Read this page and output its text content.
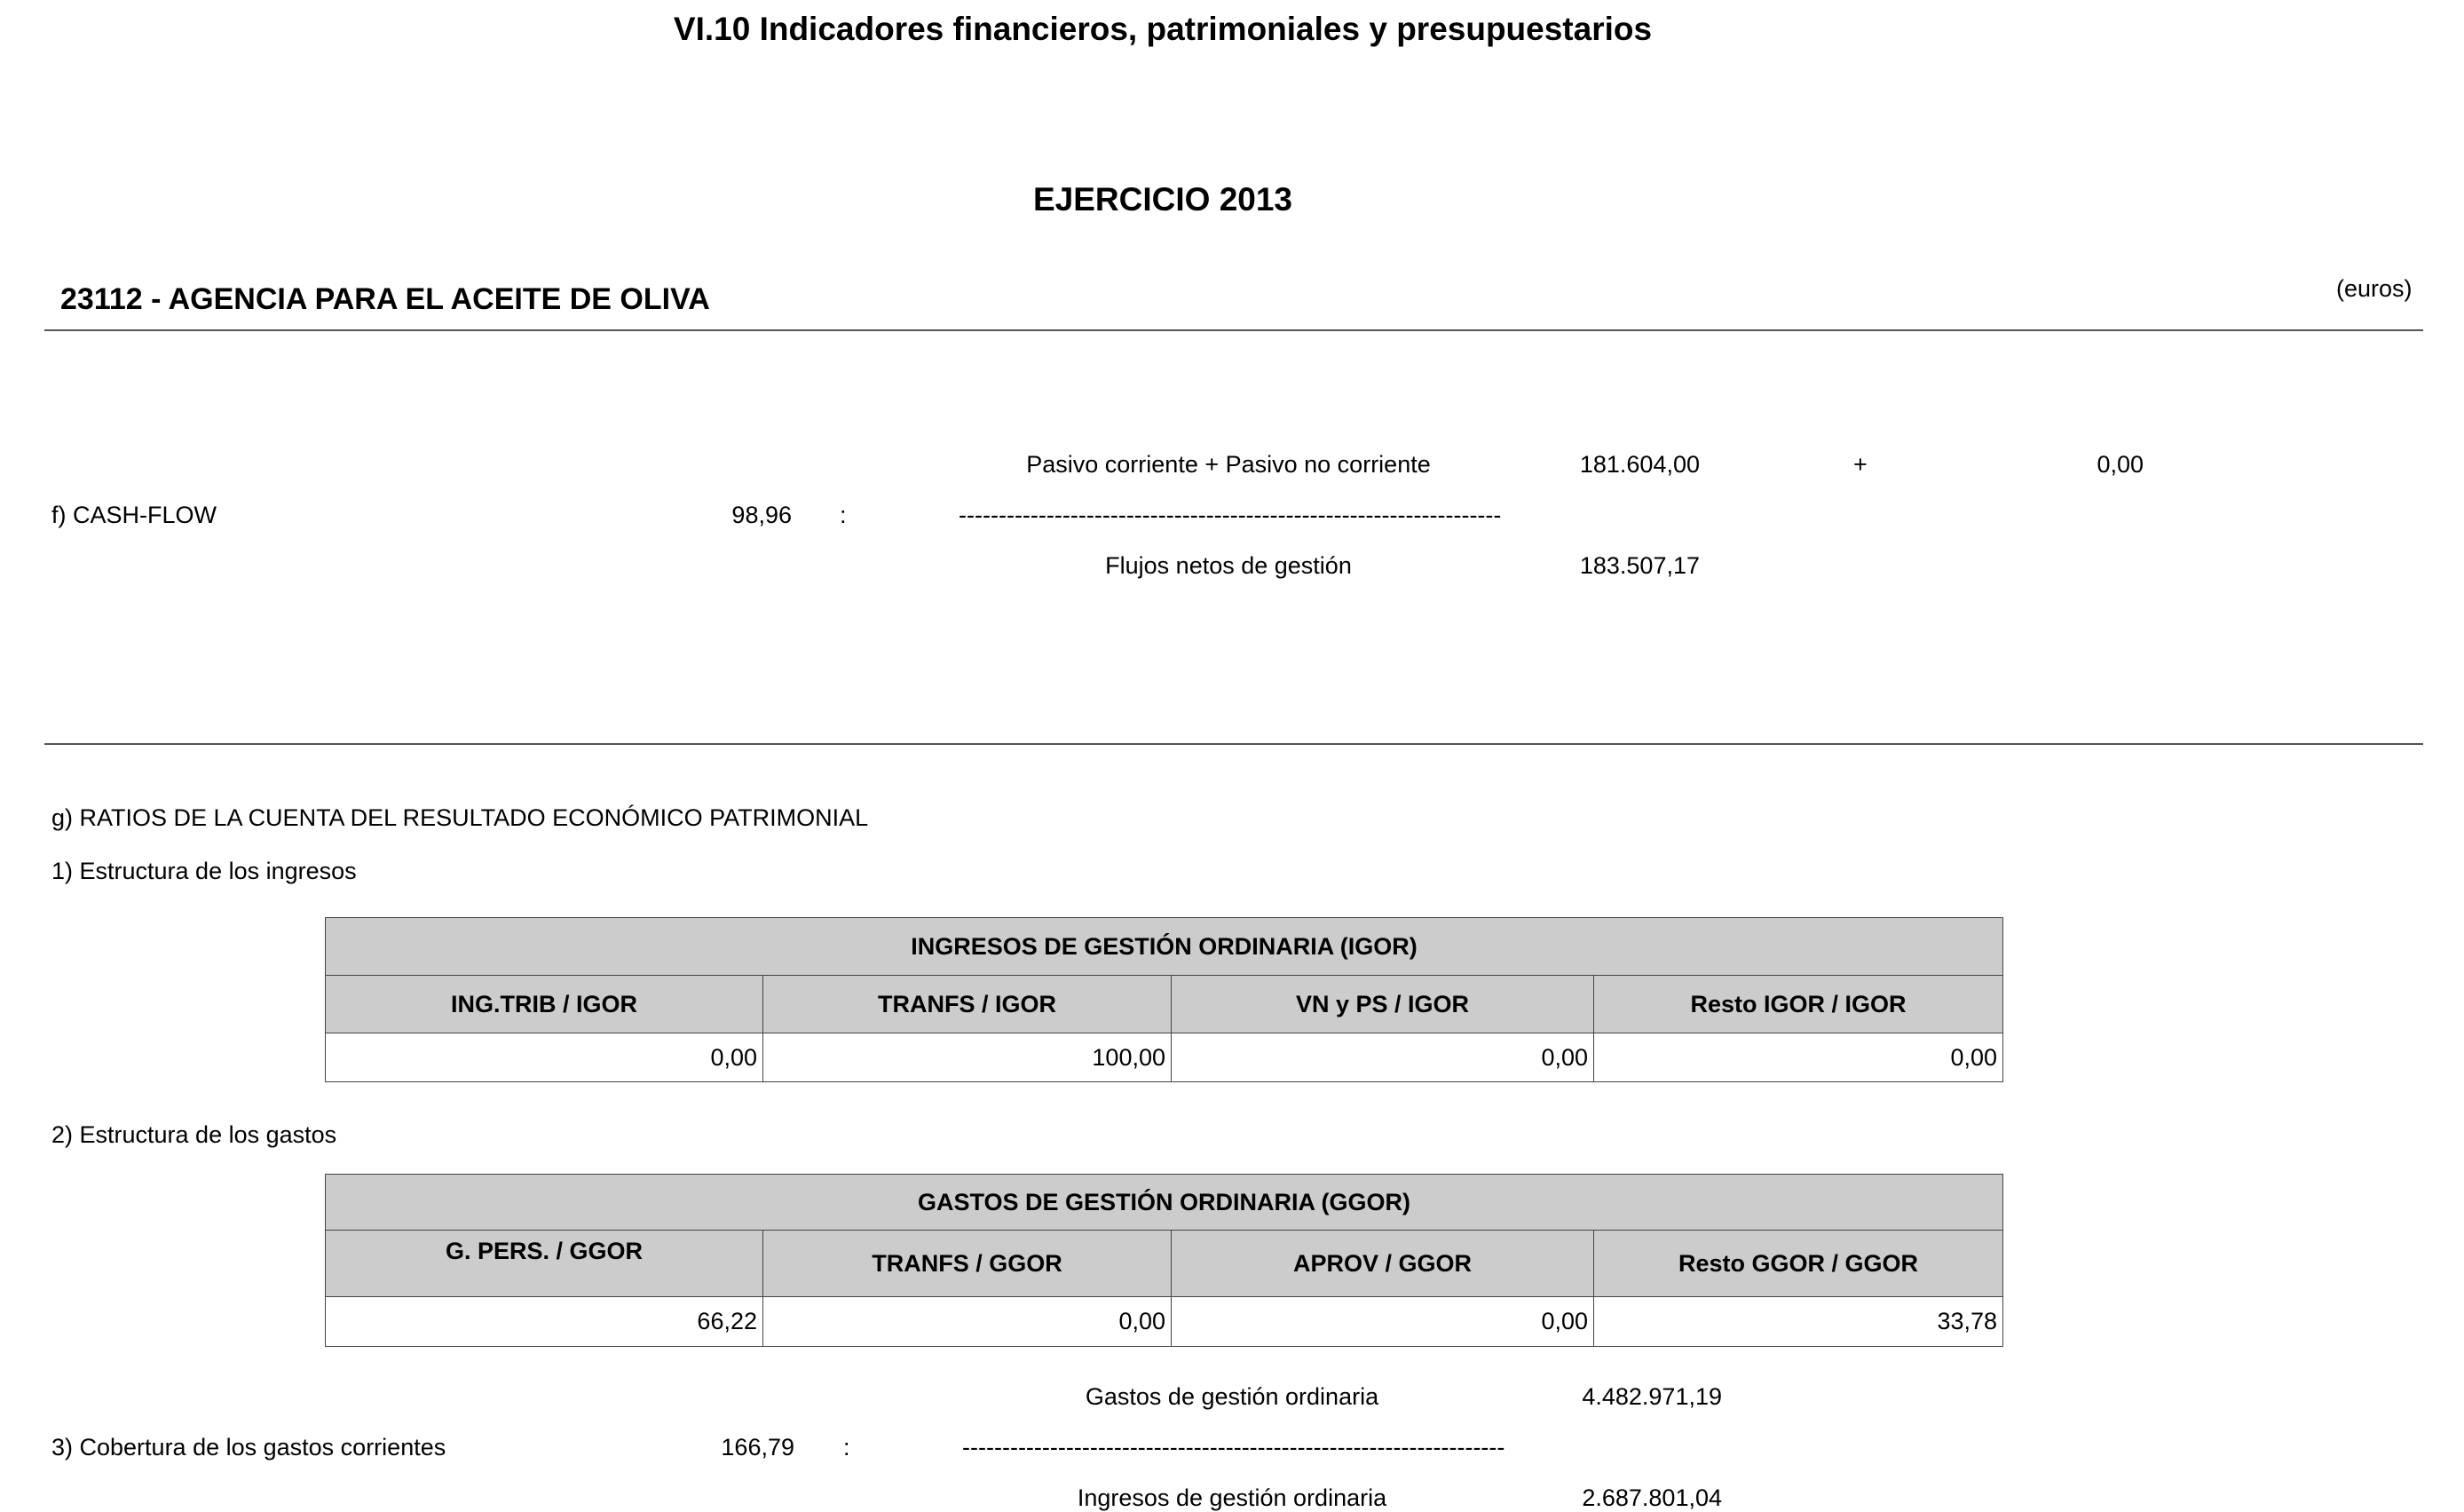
VI.10 Indicadores financieros, patrimoniales y presupuestarios
EJERCICIO 2013
23112 - AGENCIA PARA EL ACEITE DE OLIVA	(euros)
Pasivo corriente + Pasivo no corriente	181.604,00	+	0,00
f) CASH-FLOW	98,96 :	--------------------------------------------------------------------
Flujos netos de gestión	183.507,17
g) RATIOS DE LA CUENTA DEL RESULTADO ECONÓMICO PATRIMONIAL
1) Estructura de los ingresos
INGRESOS DE GESTIÓN ORDINARIA (IGOR)			
ING.TRIB / IGOR	TRANFS / IGOR	VN y PS / IGOR	Resto IGOR / IGOR
0,00	100,00	0,00	0,00
2) Estructura de los gastos
GASTOS DE GESTIÓN ORDINARIA (GGOR)			
G. PERS. / GGOR	TRANFS / GGOR	APROV / GGOR	Resto GGOR / GGOR
66,22	0,00	0,00	33,78
Gastos de gestión ordinaria	4.482.971,19
3) Cobertura de los gastos corrientes	166,79 :	--------------------------------------------------------------------
Ingresos de gestión ordinaria	2.687.801,04
